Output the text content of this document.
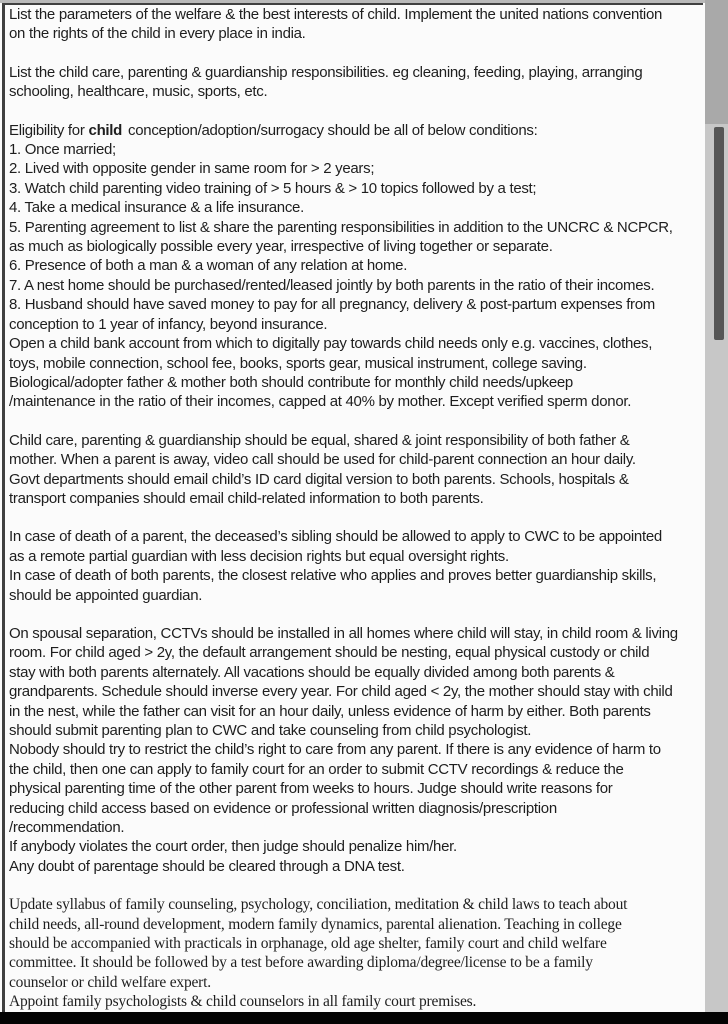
List the parameters of the welfare & the best interests of child. Implement the united nations convention
on the rights of the child in every place in india.
List the child care, parenting & guardianship responsibilities. eg cleaning, feeding, playing, arranging
schooling, healthcare, music, sports, etc.
Eligibility for child conception/adoption/surrogacy should be all of below conditions:
1. Once married;
2. Lived with opposite gender in same room for > 2 years;
3. Watch child parenting video training of > 5 hours & > 10 topics followed by a test;
4. Take a medical insurance & a life insurance.
5. Parenting agreement to list & share the parenting responsibilities in addition to the UNCRC & NCPCR,
as much as biologically possible every year, irrespective of living together or separate.
6. Presence of both a man & a woman of any relation at home.
7. A nest home should be purchased/rented/leased jointly by both parents in the ratio of their incomes.
8. Husband should have saved money to pay for all pregnancy, delivery & post-partum expenses from
conception to 1 year of infancy, beyond insurance.
Open a child bank account from which to digitally pay towards child needs only e.g. vaccines, clothes,
toys, mobile connection, school fee, books, sports gear, musical instrument, college saving.
Biological/adopter father & mother both should contribute for monthly child needs/upkeep
/maintenance in the ratio of their incomes, capped at 40% by mother. Except verified sperm donor.
Child care, parenting & guardianship should be equal, shared & joint responsibility of both father &
mother. When a parent is away, video call should be used for child-parent connection an hour daily.
Govt departments should email child’s ID card digital version to both parents. Schools, hospitals &
transport companies should email child-related information to both parents.
In case of death of a parent, the deceased’s sibling should be allowed to apply to CWC to be appointed
as a remote partial guardian with less decision rights but equal oversight rights.
In case of death of both parents, the closest relative who applies and proves better guardianship skills,
should be appointed guardian.
On spousal separation, CCTVs should be installed in all homes where child will stay, in child room & living
room. For child aged > 2y, the default arrangement should be nesting, equal physical custody or child
stay with both parents alternately. All vacations should be equally divided among both parents &
grandparents. Schedule should inverse every year. For child aged < 2y, the mother should stay with child
in the nest, while the father can visit for an hour daily, unless evidence of harm by either. Both parents
should submit parenting plan to CWC and take counseling from child psychologist.
Nobody should try to restrict the child’s right to care from any parent. If there is any evidence of harm to
the child, then one can apply to family court for an order to submit CCTV recordings & reduce the
physical parenting time of the other parent from weeks to hours. Judge should write reasons for
reducing child access based on evidence or professional written diagnosis/prescription
/recommendation.
If anybody violates the court order, then judge should penalize him/her.
Any doubt of parentage should be cleared through a DNA test.
Update syllabus of family counseling, psychology, conciliation, meditation & child laws to teach about
child needs, all-round development, modern family dynamics, parental alienation. Teaching in college
should be accompanied with practicals in orphanage, old age shelter, family court and child welfare
committee. It should be followed by a test before awarding diploma/degree/license to be a family
counselor or child welfare expert.
Appoint family psychologists & child counselors in all family court premises.
